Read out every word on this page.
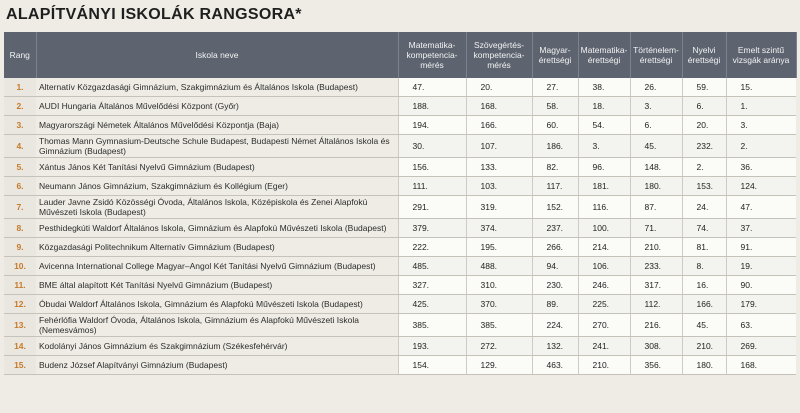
ALAPÍTVÁNYI ISKOLÁK RANGSORA*
Rang	Iskola neve	Matematika-kompetencia-mérés	Szövegértés-kompetencia-mérés	Magyar-érettségi	Matematika-érettségi	Történelem-érettségi	Nyelvi érettségi	Emelt szintű vizsgák aránya
1.	Alternatív Közgazdasági Gimnázium, Szakgimnázium és Általános Iskola (Budapest)	47.	20.	27.	38.	26.	59.	15.
2.	AUDI Hungaria Általános Művelődési Központ (Győr)	188.	168.	58.	18.	3.	6.	1.
3.	Magyarországi Németek Általános Művelődési Központja (Baja)	194.	166.	60.	54.	6.	20.	3.
4.	Thomas Mann Gymnasium-Deutsche Schule Budapest, Budapesti Német Általános Iskola és Gimnázium (Budapest)	30.	107.	186.	3.	45.	232.	2.
5.	Xántus János Két Tanítási Nyelvű Gimnázium (Budapest)	156.	133.	82.	96.	148.	2.	36.
6.	Neumann János Gimnázium, Szakgimnázium és Kollégium (Eger)	111.	103.	117.	181.	180.	153.	124.
7.	Lauder Javne Zsidó Közösségi Óvoda, Általános Iskola, Középiskola és Zenei Alapfokú Művészeti Iskola (Budapest)	291.	319.	152.	116.	87.	24.	47.
8.	Pesthidegkúti Waldorf Általános Iskola, Gimnázium és Alapfokú Művészeti Iskola (Budapest)	379.	374.	237.	100.	71.	74.	37.
9.	Közgazdasági Politechnikum Alternatív Gimnázium (Budapest)	222.	195.	266.	214.	210.	81.	91.
10.	Avicenna International College Magyar–Angol Két Tanítási Nyelvű Gimnázium (Budapest)	485.	488.	94.	106.	233.	8.	19.
11.	BME által alapított Két Tanítási Nyelvű Gimnázium (Budapest)	327.	310.	230.	246.	317.	16.	90.
12.	Óbudai Waldorf Általános Iskola, Gimnázium és Alapfokú Művészeti Iskola (Budapest)	425.	370.	89.	225.	112.	166.	179.
13.	Fehérlófia Waldorf Óvoda, Általános Iskola, Gimnázium és Alapfokú Művészeti Iskola (Nemesvámos)	385.	385.	224.	270.	216.	45.	63.
14.	Kodolányi János Gimnázium és Szakgimnázium (Székesfehérvár)	193.	272.	132.	241.	308.	210.	269.
15.	Budenz József Alapítványi Gimnázium (Budapest)	154.	129.	463.	210.	356.	180.	168.
